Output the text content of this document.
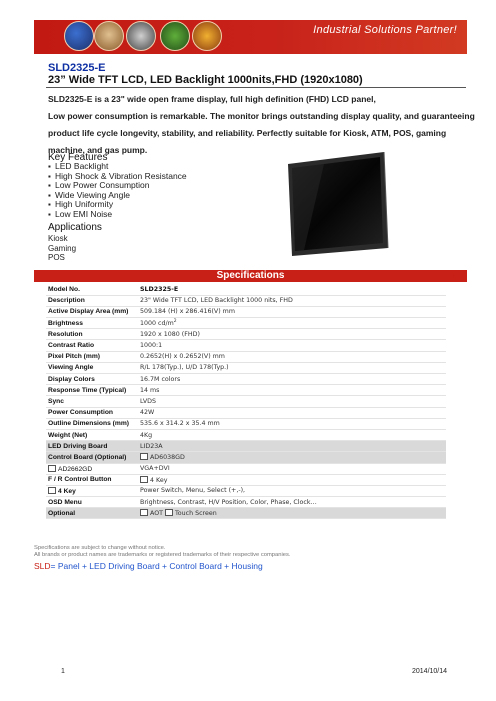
Industrial Solutions Partner!
SLD2325-E
23” Wide TFT LCD, LED Backlight 1000nits,FHD (1920x1080)

SLD2325-E is a 23" wide open frame display, full high definition (FHD) LCD panel,

Low power consumption is remarkable. The monitor brings outstanding display quality, and guaranteeing

product life cycle longevity, stability, and reliability. Perfectly suitable for Kiosk, ATM, POS, gaming

machine, and gas pump.

Key Features
▪ LED Backlight
▪ High Shock & Vibration Resistance
▪ Low Power Consumption
▪ Wide Viewing Angle
▪ High Uniformity
▪ Low EMI Noise
Applications
Kiosk
Gaming
POS
Specifications	V1
Model No.	SLD2325-E
Description	23" Wide TFT LCD, LED Backlight 1000 nits, FHD
Active Display Area (mm)	509.184 (H) x 286.416(V) mm
Brightness	1000 $cd/m^2$
Resolution	1920 x 1080 (FHD)
Contrast Ratio	1000:1
Pixel Pitch (mm)	0.2652(H) x 0.2652(V) mm
Viewing Angle	R/L 178(Typ.), U/D 178(Typ.)
Display Colors	16.7M colors
Response Time (Typical)	14 ms
Sync	LVDS
Power Consumption	42W
Outline Dimensions (mm)	535.6 x 314.2 x 35.4 mm
Weight (Net)	4Kg
LED Driving Board	LID23A
Control Board (Optional)	AD6038GD
AD2662GD	VGA+DVI
F / R Control Button	4 Key
4 Key	Power Switch, Menu, Select (+,-),
OSD Menu	Brightness, Contrast, H/V Position, Color, Phase, Clock…
Optional	AOT Touch Screen
Specifications are subject to change without notice.
All brands or product names are trademarks or registered trademarks of their respective companies.
SLD= Panel + LED Driving Board + Control Board + Housing
1	2014/10/14
